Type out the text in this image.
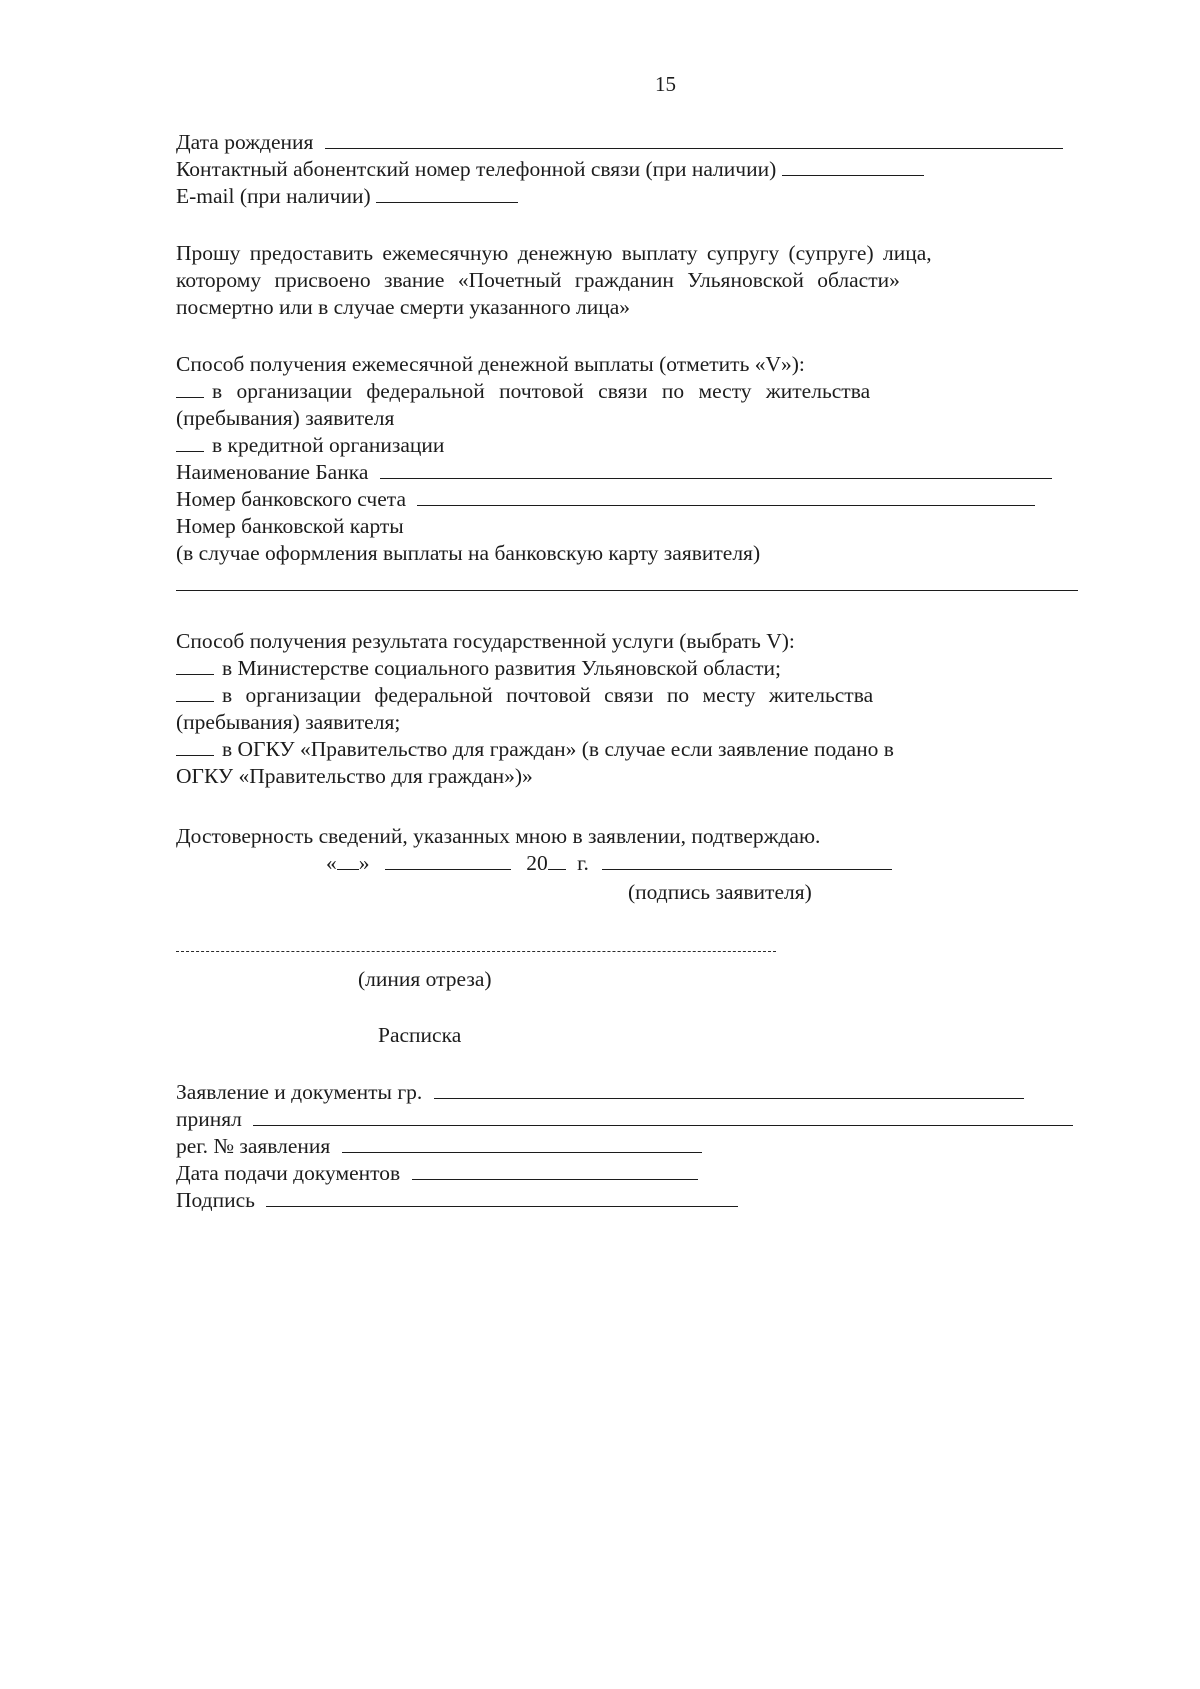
15
Дата рождения
Контактный абонентский номер телефонной связи (при наличии)
E-mail (при наличии)
Прошу предоставить ежемесячную денежную выплату супругу (супруге) лица,
которому присвоено звание «Почетный гражданин Ульяновской области»
посмертно или в случае смерти указанного лица»
Способ получения ежемесячной денежной выплаты (отметить «V»):
в организации федеральной почтовой связи по месту жительства
(пребывания) заявителя
в кредитной организации
Наименование Банка
Номер банковского счета
Номер банковской карты
(в случае оформления выплаты на банковскую карту заявителя)
Способ получения результата государственной услуги (выбрать V):
в Министерстве социального развития Ульяновской области;
в организации федеральной почтовой связи по месту жительства
(пребывания) заявителя;
в ОГКУ «Правительство для граждан» (в случае если заявление подано в
ОГКУ «Правительство для граждан»)»
Достоверность сведений, указанных мною в заявлении, подтверждаю.
« »	20 г.
(подпись заявителя)
(линия отреза)
Расписка
Заявление и документы гр.
принял
рег. № заявления
Дата подачи документов
Подпись
